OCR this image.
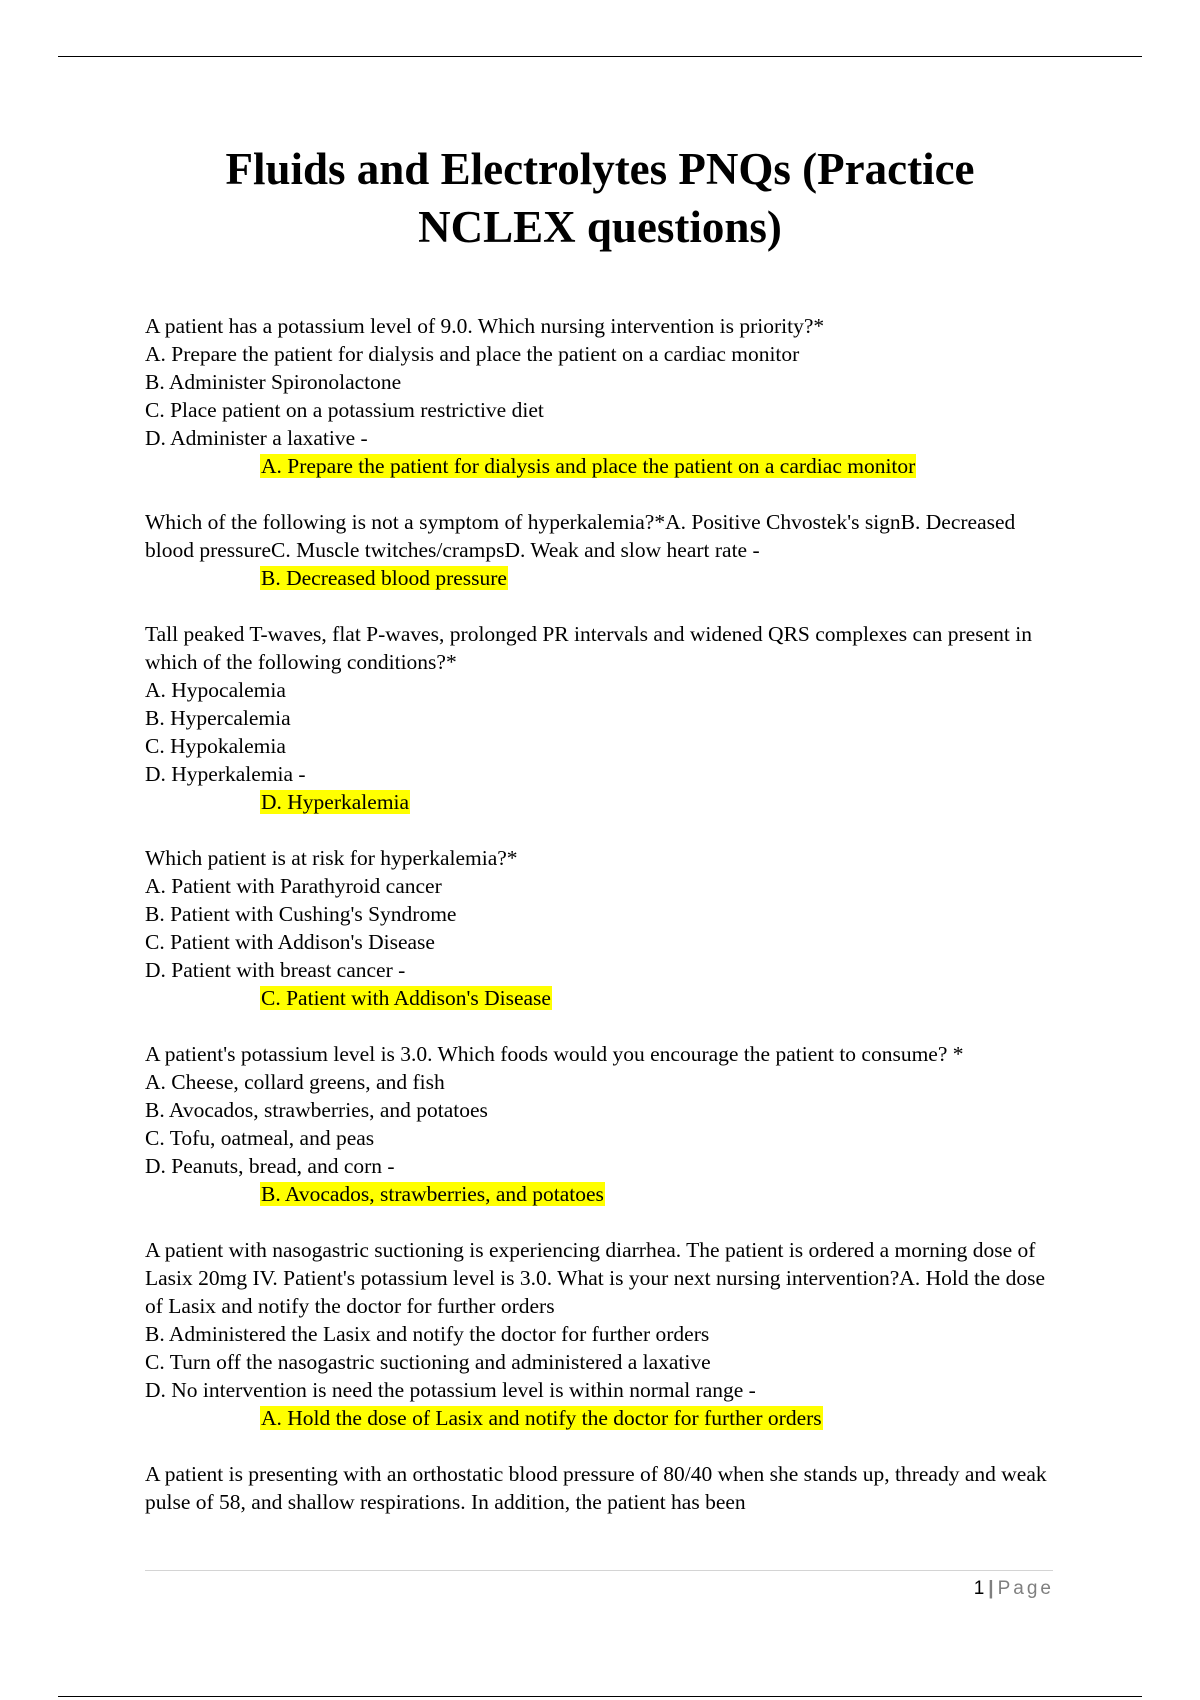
Fluids and Electrolytes PNQs (Practice
NCLEX questions)
A patient has a potassium level of 9.0. Which nursing intervention is priority?*
A. Prepare the patient for dialysis and place the patient on a cardiac monitor
B. Administer Spironolactone
C. Place patient on a potassium restrictive diet
D. Administer a laxative -
A. Prepare the patient for dialysis and place the patient on a cardiac monitor
Which of the following is not a symptom of hyperkalemia?*A. Positive Chvostek's signB. Decreased blood pressureC. Muscle twitches/crampsD. Weak and slow heart rate -
B. Decreased blood pressure
Tall peaked T-waves, flat P-waves, prolonged PR intervals and widened QRS complexes can present in which of the following conditions?*
A. Hypocalemia
B. Hypercalemia
C. Hypokalemia
D. Hyperkalemia -
D. Hyperkalemia
Which patient is at risk for hyperkalemia?*
A. Patient with Parathyroid cancer
B. Patient with Cushing's Syndrome
C. Patient with Addison's Disease
D. Patient with breast cancer -
C. Patient with Addison's Disease
A patient's potassium level is 3.0. Which foods would you encourage the patient to consume? *
A. Cheese, collard greens, and fish
B. Avocados, strawberries, and potatoes
C. Tofu, oatmeal, and peas
D. Peanuts, bread, and corn -
B. Avocados, strawberries, and potatoes
A patient with nasogastric suctioning is experiencing diarrhea. The patient is ordered a morning dose of Lasix 20mg IV. Patient's potassium level is 3.0. What is your next nursing intervention?A. Hold the dose of Lasix and notify the doctor for further orders
B. Administered the Lasix and notify the doctor for further orders
C. Turn off the nasogastric suctioning and administered a laxative
D. No intervention is need the potassium level is within normal range -
A. Hold the dose of Lasix and notify the doctor for further orders
A patient is presenting with an orthostatic blood pressure of 80/40 when she stands up, thready and weak pulse of 58, and shallow respirations. In addition, the patient has been
1 | Page
